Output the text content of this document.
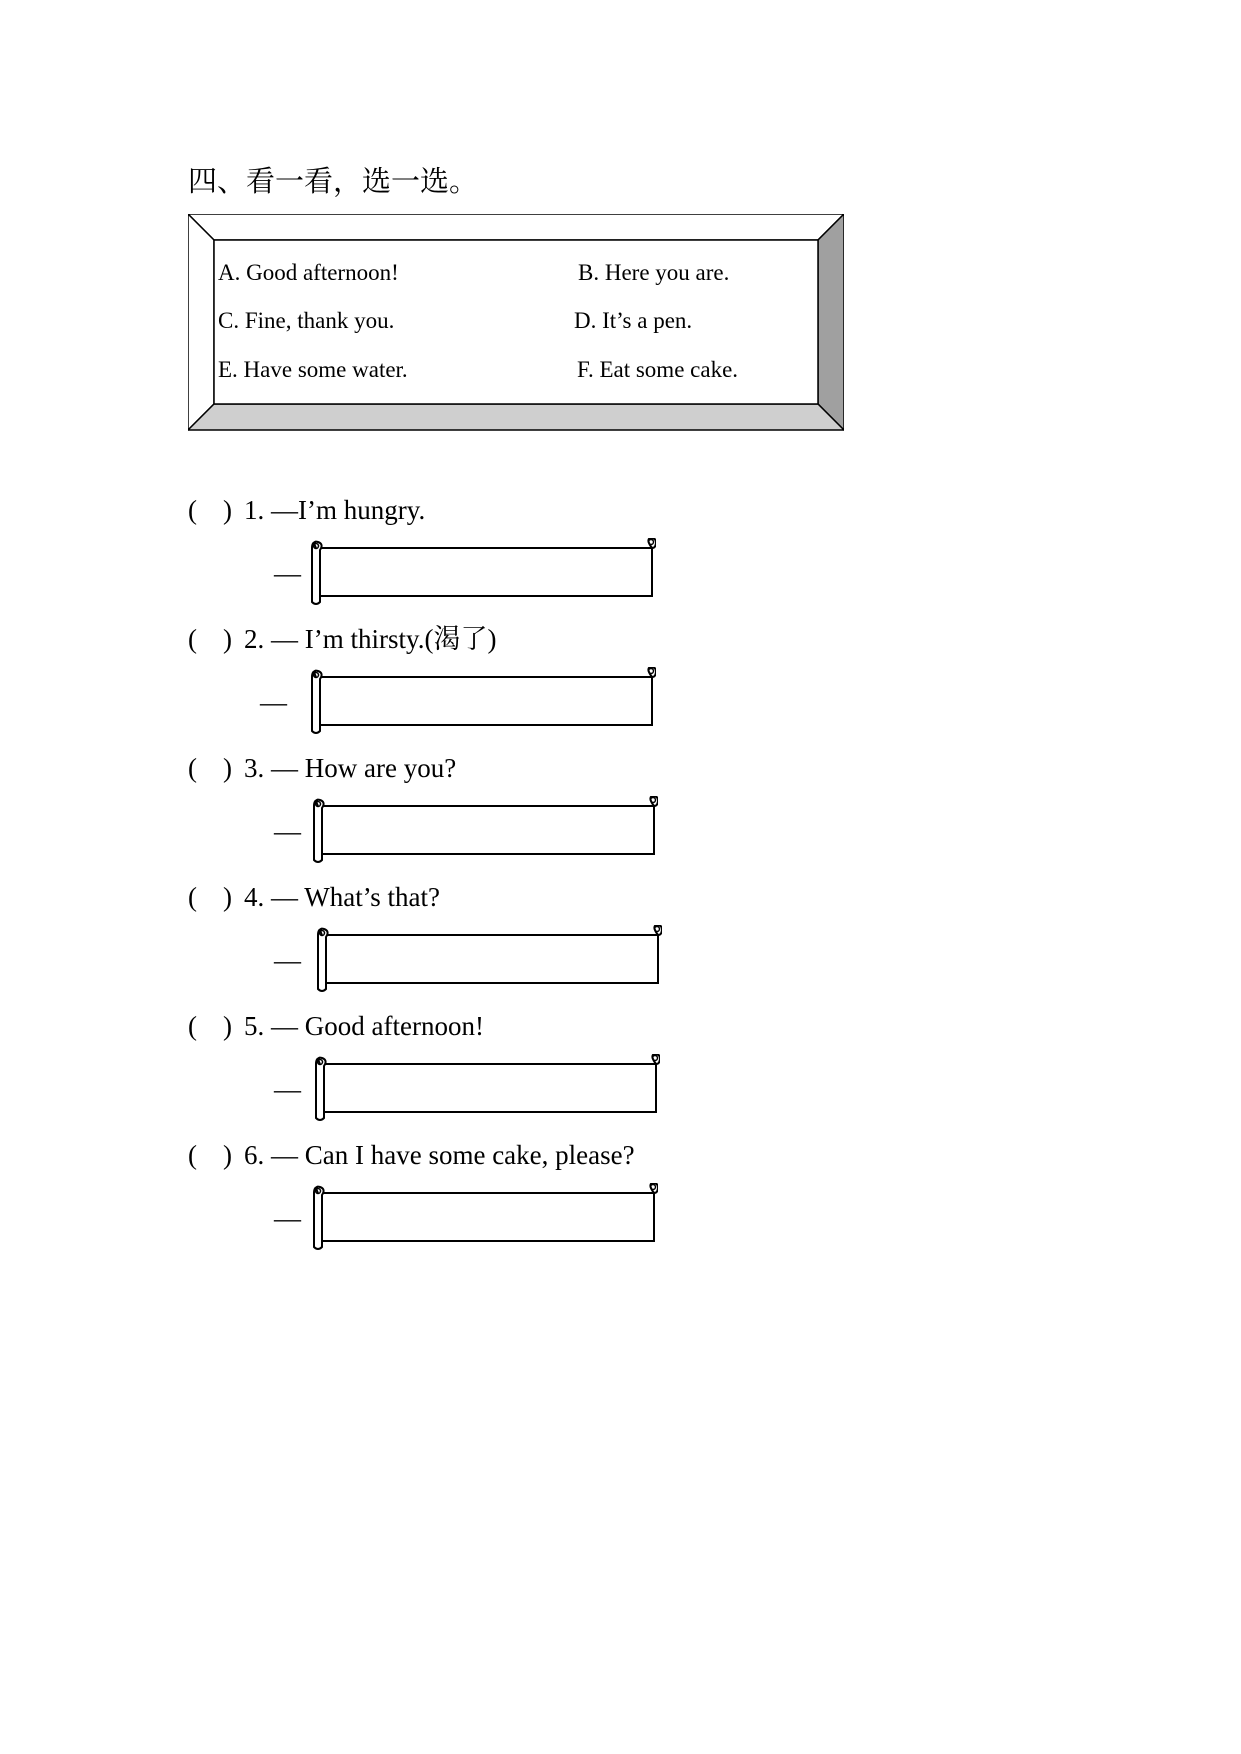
四、看一看，选一选。
A. Good afternoon!	B. Here you are.
C. Fine, thank you.	D. It’s a pen.
E. Have some water.	F. Eat some cake.
( ) 1. —I’m hungry.
—
( ) 2. — I’m thirsty.(渴了)
—
( ) 3. — How are you?
—
( ) 4. — What’s that?
—
( ) 5. — Good afternoon!
—
( ) 6. — Can I have some cake, please?
—
